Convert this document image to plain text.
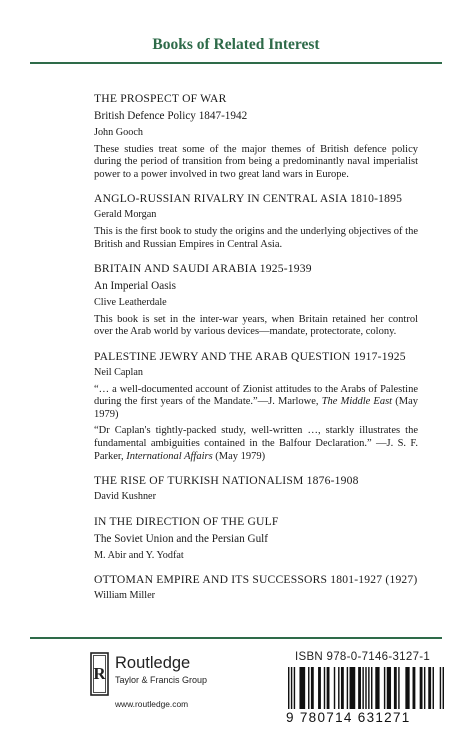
Books of Related Interest
THE PROSPECT OF WAR
British Defence Policy 1847-1942
John Gooch
These studies treat some of the major themes of British defence policy during the period of transition from being a predominantly naval imperialist power to a power involved in two great land wars in Europe.
ANGLO-RUSSIAN RIVALRY IN CENTRAL ASIA 1810-1895
Gerald Morgan
This is the first book to study the origins and the underlying objectives of the British and Russian Empires in Central Asia.
BRITAIN AND SAUDI ARABIA 1925-1939
An Imperial Oasis
Clive Leatherdale
This book is set in the inter-war years, when Britain retained her control over the Arab world by various devices—mandate, protectorate, colony.
PALESTINE JEWRY AND THE ARAB QUESTION 1917-1925
Neil Caplan
“… a well-documented account of Zionist attitudes to the Arabs of Palestine during the first years of the Mandate.”—J. Marlowe, The Middle East (May 1979)
“Dr Caplan's tightly-packed study, well-written …, starkly illustrates the fundamental ambiguities contained in the Balfour Declaration.” —J. S. F. Parker, International Affairs (May 1979)
THE RISE OF TURKISH NATIONALISM 1876-1908
David Kushner
IN THE DIRECTION OF THE GULF
The Soviet Union and the Persian Gulf
M. Abir and Y. Yodfat
OTTOMAN EMPIRE AND ITS SUCCESSORS 1801-1927 (1927)
William Miller
R
Routledge
Taylor & Francis Group
www.routledge.com
ISBN 978-0-7146-3127-1
9 780714 631271
